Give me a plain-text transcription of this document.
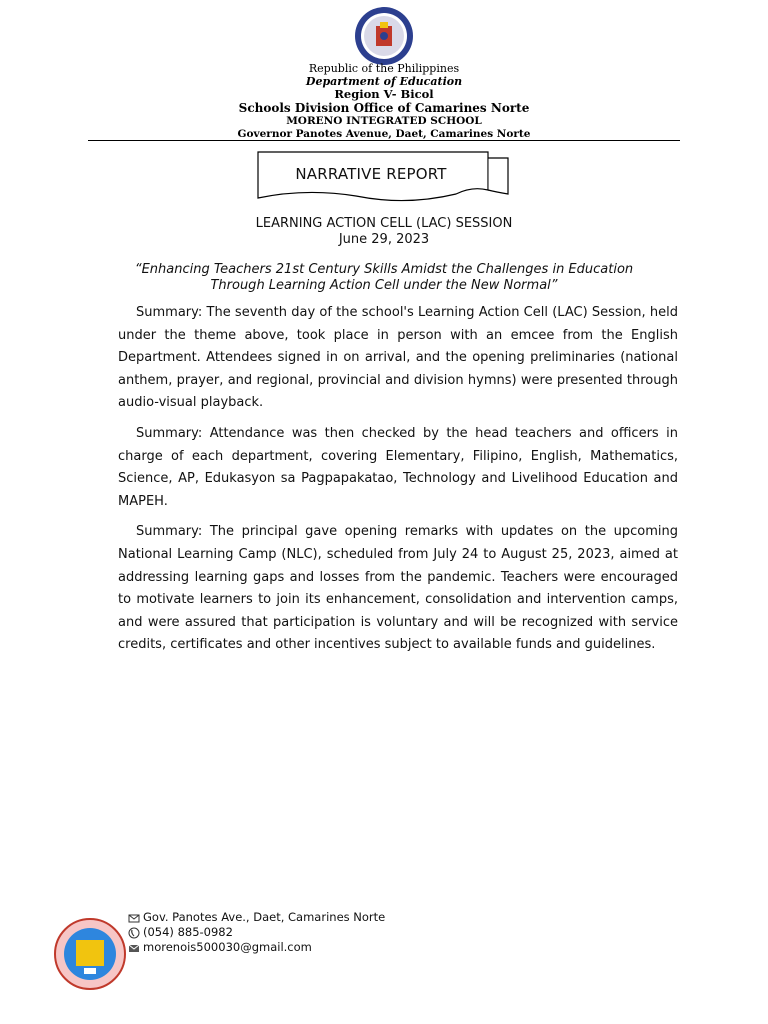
Republic of the Philippines
Department of Education
Region V- Bicol
Schools Division Office of Camarines Norte
MORENO INTEGRATED SCHOOL
Governor Panotes Avenue, Daet, Camarines Norte
NARRATIVE REPORT
LEARNING ACTION CELL (LAC) SESSION
June 29, 2023
“Enhancing Teachers 21st Century Skills Amidst the Challenges in Education
Through Learning Action Cell under the New Normal”

Summary: The seventh day of the school's Learning Action Cell (LAC) Session, held under the theme above, took place in person with an emcee from the English Department. Attendees signed in on arrival, and the opening preliminaries (national anthem, prayer, and regional, provincial and division hymns) were presented through audio-visual playback.

Summary: Attendance was then checked by the head teachers and officers in charge of each department, covering Elementary, Filipino, English, Mathematics, Science, AP, Edukasyon sa Pagpapakatao, Technology and Livelihood Education and MAPEH.

Summary: The principal gave opening remarks with updates on the upcoming National Learning Camp (NLC), scheduled from July 24 to August 25, 2023, aimed at addressing learning gaps and losses from the pandemic. Teachers were encouraged to motivate learners to join its enhancement, consolidation and intervention camps, and were assured that participation is voluntary and will be recognized with service credits, certificates and other incentives subject to available funds and guidelines.

Gov. Panotes Ave., Daet, Camarines Norte
(054) 885-0982
morenois500030@gmail.com
